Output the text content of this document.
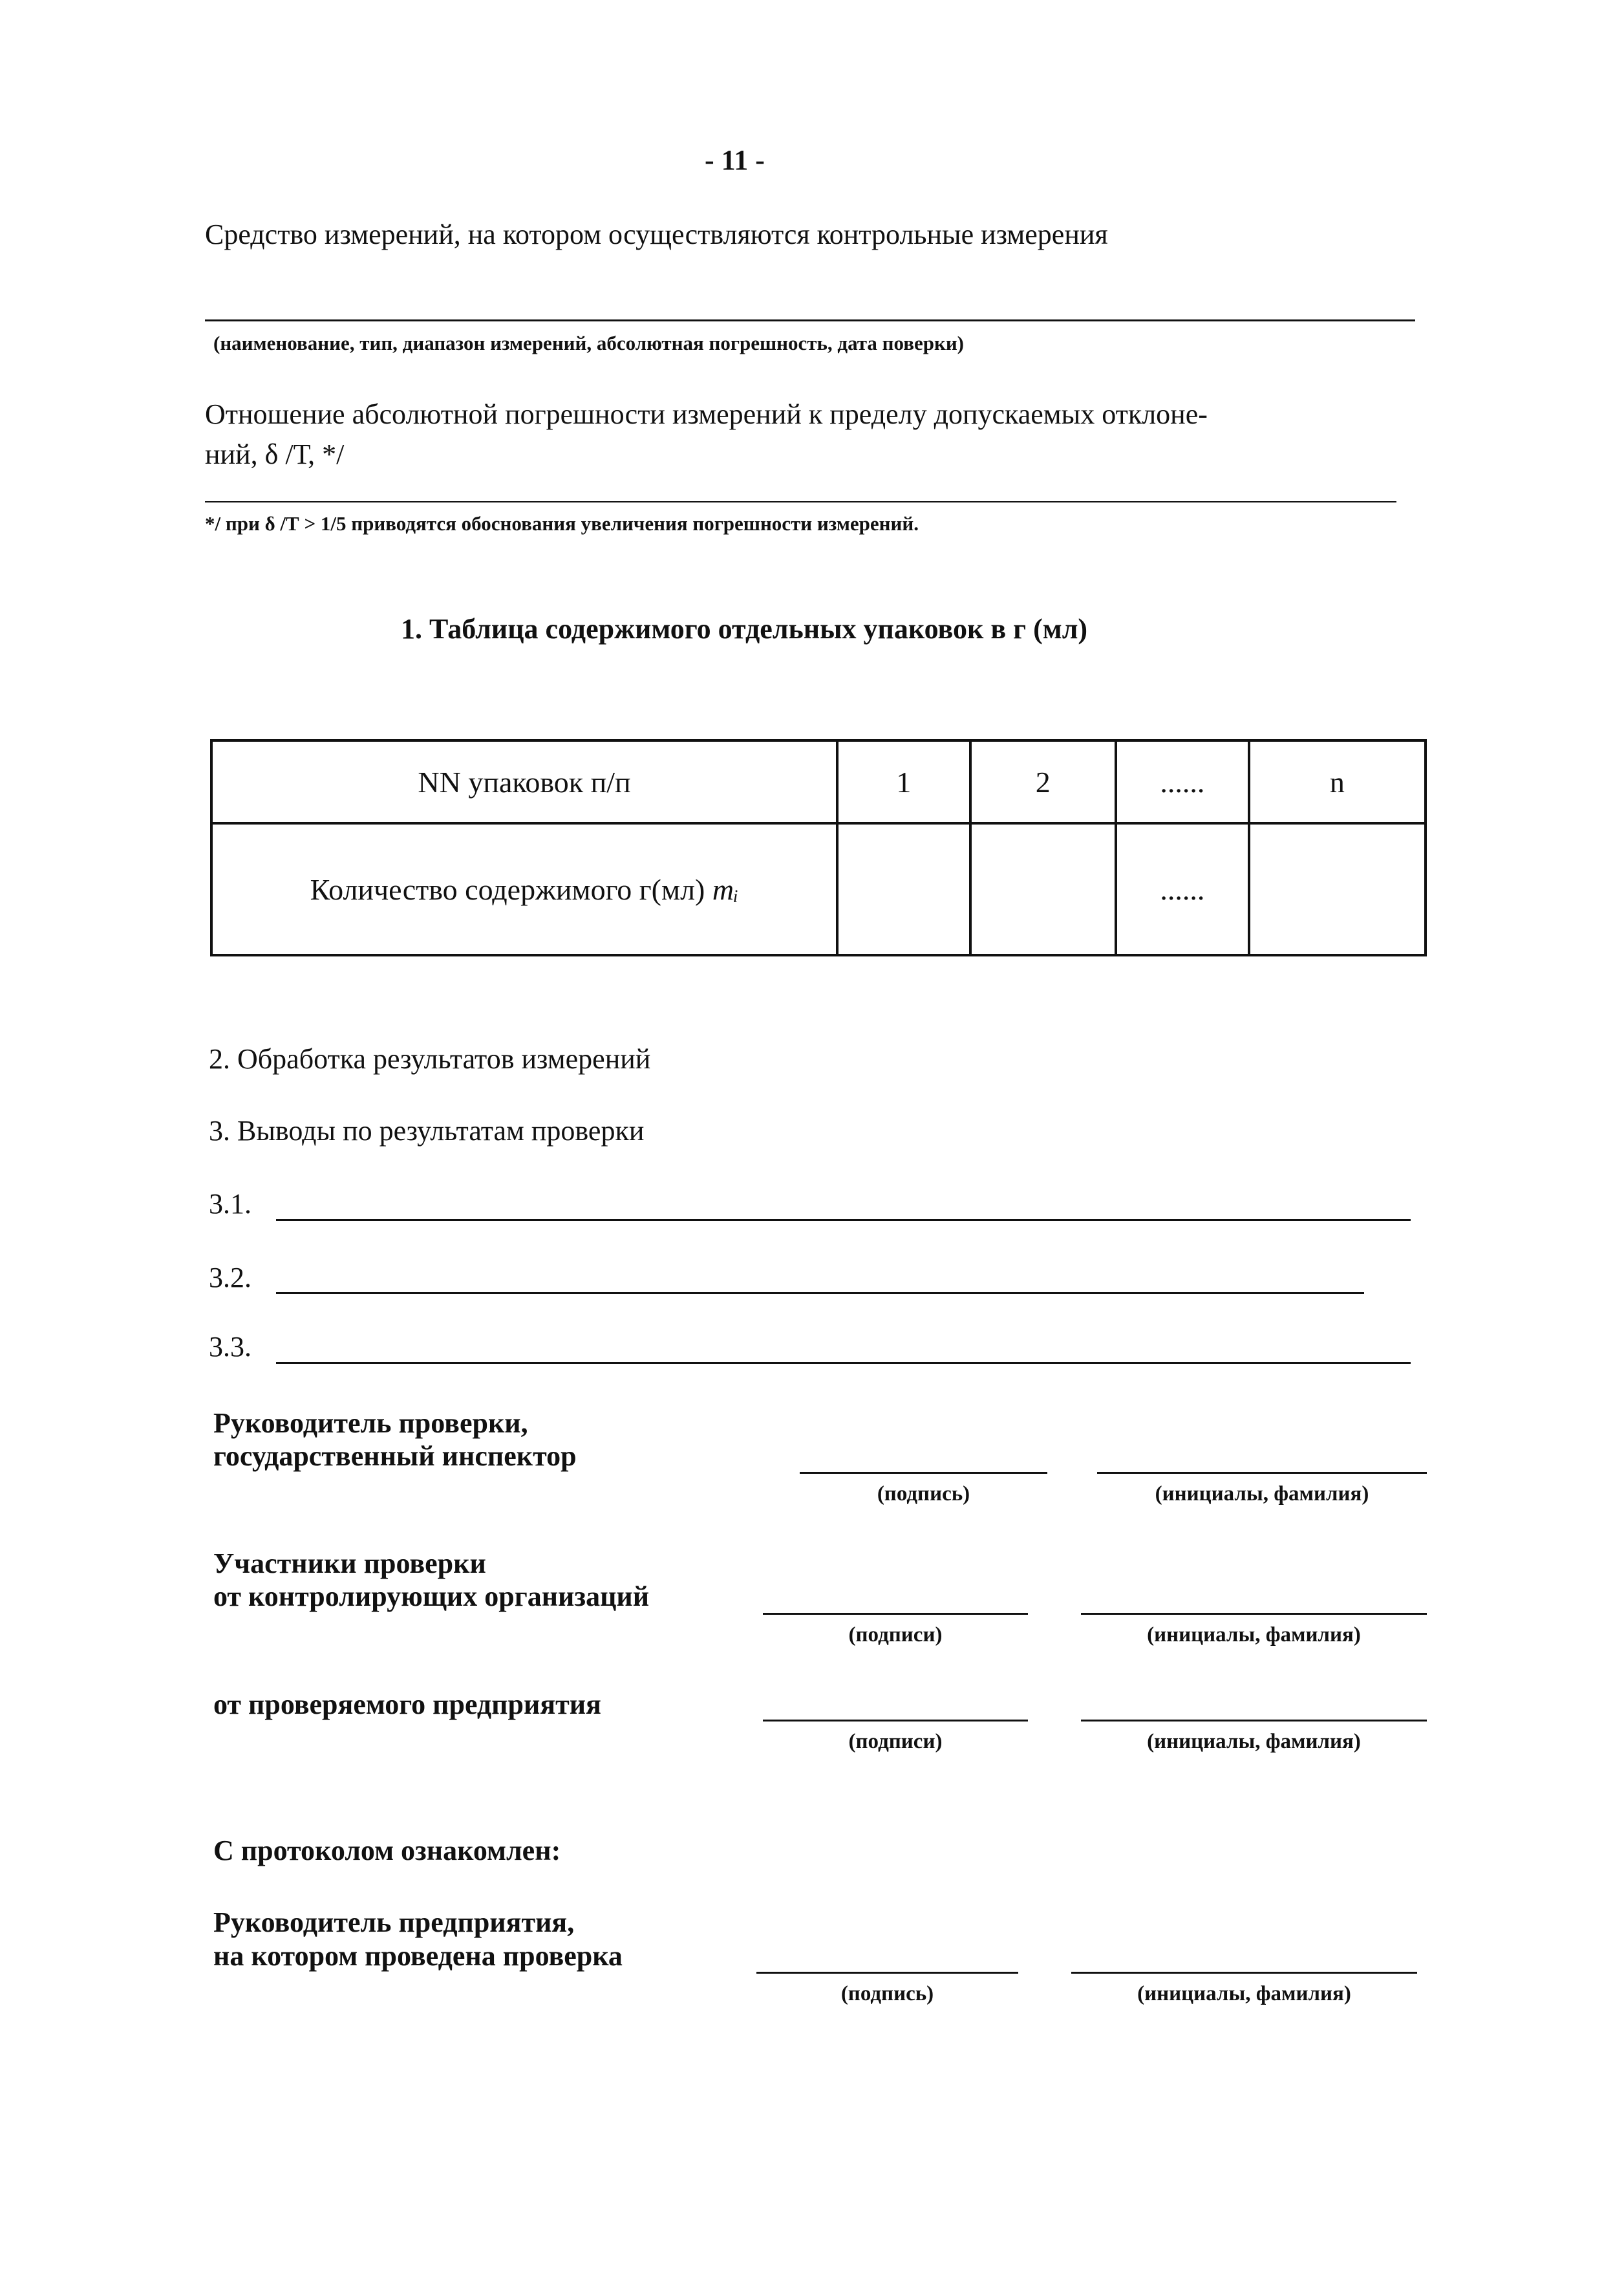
- 11 -
Средство измерений, на котором осуществляются контрольные измерения
(наименование, тип, диапазон измерений, абсолютная погрешность, дата поверки)
Отношение абсолютной погрешности измерений к пределу допускаемых отклоне-
ний, δ /Т, */
*/ при δ /Т > 1/5 приводятся обоснования увеличения погрешности измерений.
1. Таблица содержимого отдельных упаковок в г (мл)
NN упаковок п/п	1	2	......	n
Количество содержимого г(мл) mᵢ			......	
2. Обработка результатов измерений
3. Выводы по результатам проверки
3.1.
3.2.
3.3.
Руководитель проверки,
государственный инспектор
(подпись)	(инициалы, фамилия)
Участники проверки
от контролирующих организаций
(подписи)	(инициалы, фамилия)
от проверяемого предприятия
(подписи)	(инициалы, фамилия)
С протоколом ознакомлен:
Руководитель предприятия,
на котором проведена проверка
(подпись)	(инициалы, фамилия)
